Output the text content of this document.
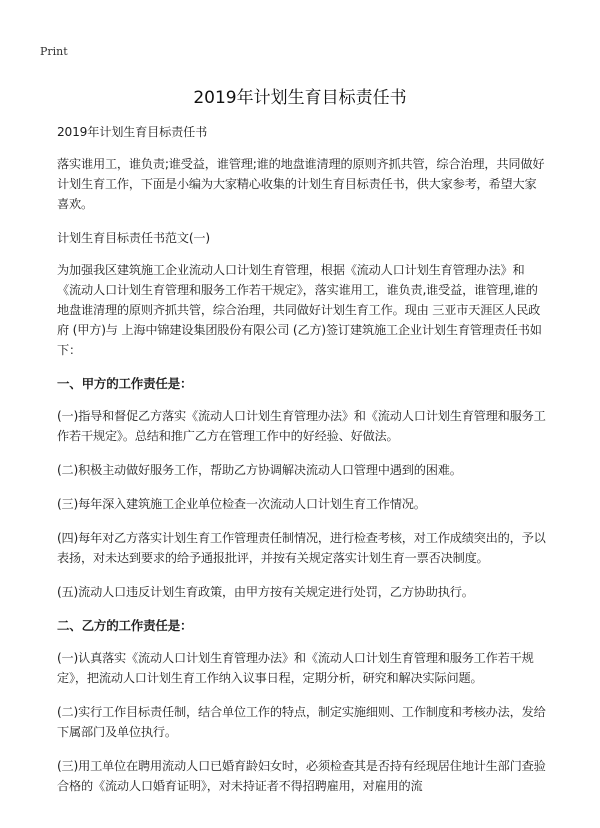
Print
2019年计划生育目标责任书

2019年计划生育目标责任书

落实谁用工，谁负责;谁受益，谁管理;谁的地盘谁清理的原则齐抓共管，综合治理，共同做好计划生育工作，下面是小编为大家精心收集的计划生育目标责任书，供大家参考，希望大家喜欢。

计划生育目标责任书范文(一)

为加强我区建筑施工企业流动人口计划生育管理，根据《流动人口计划生育管理办法》和《流动人口计划生育管理和服务工作若干规定》，落实谁用工，谁负责,谁受益，谁管理,谁的地盘谁清理的原则齐抓共管，综合治理，共同做好计划生育工作。现由 三亚市天涯区人民政府 (甲方)与 上海中锦建设集团股份有限公司 (乙方)签订建筑施工企业计划生育管理责任书如下：

一、甲方的工作责任是：

(一)指导和督促乙方落实《流动人口计划生育管理办法》和《流动人口计划生育管理和服务工作若干规定》。总结和推广乙方在管理工作中的好经验、好做法。

(二)积极主动做好服务工作，帮助乙方协调解决流动人口管理中遇到的困难。

(三)每年深入建筑施工企业单位检查一次流动人口计划生育工作情况。

(四)每年对乙方落实计划生育工作管理责任制情况，进行检查考核，对工作成绩突出的，予以表扬，对未达到要求的给予通报批评，并按有关规定落实计划生育一票否决制度。

(五)流动人口违反计划生育政策，由甲方按有关规定进行处罚，乙方协助执行。

二、乙方的工作责任是：

(一)认真落实《流动人口计划生育管理办法》和《流动人口计划生育管理和服务工作若干规定》，把流动人口计划生育工作纳入议事日程，定期分析，研究和解决实际问题。

(二)实行工作目标责任制，结合单位工作的特点，制定实施细则、工作制度和考核办法，发给下属部门及单位执行。

(三)用工单位在聘用流动人口已婚育龄妇女时，必须检查其是否持有经现居住地计生部门查验合格的《流动人口婚育证明》，对未持证者不得招聘雇用，对雇用的流
